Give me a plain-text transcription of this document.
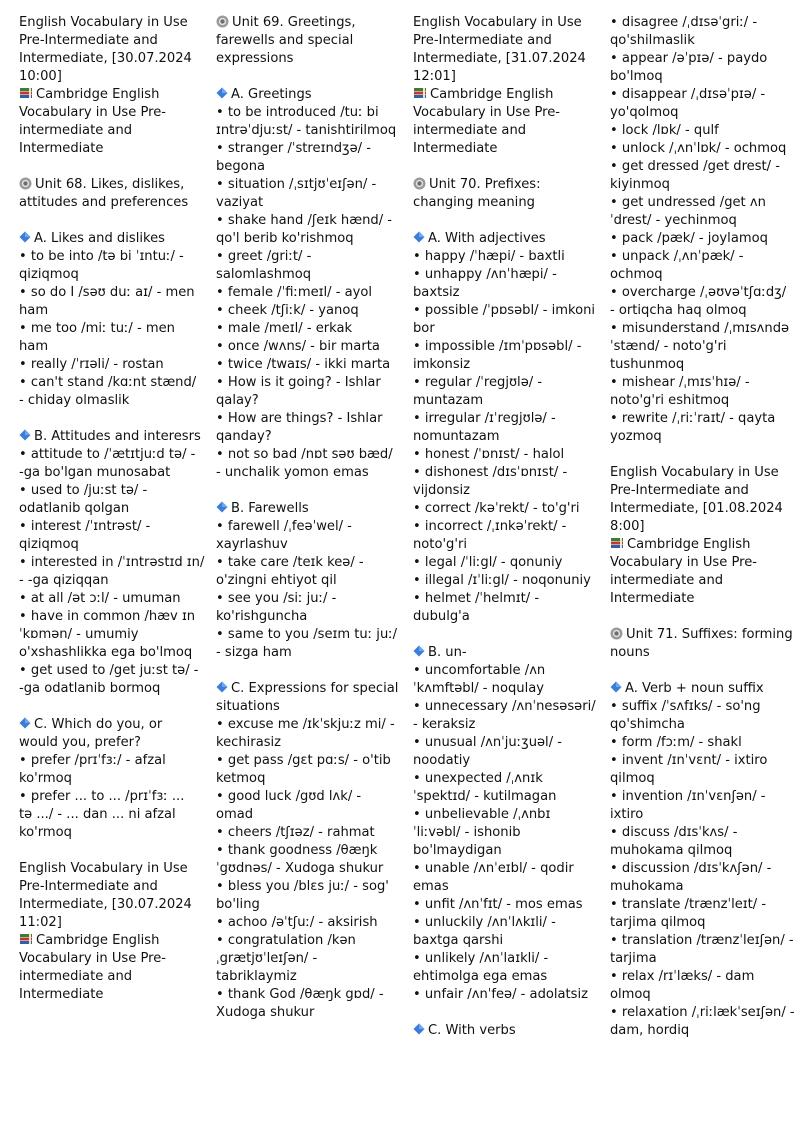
English Vocabulary in Use
Pre-Intermediate and
Intermediate, [30.07.2024
10:00]
Cambridge English
Vocabulary in Use Pre-
intermediate and
Intermediate
Unit 68. Likes, dislikes,
attitudes and preferences
A. Likes and dislikes
• to be into /tə bi ˈɪntuː/ -
qiziqmoq
• so do I /səʊ duː aɪ/ - men
ham
• me too /miː tuː/ - men
ham
• really /ˈrɪəli/ - rostan
• can't stand /kɑːnt stænd/
- chiday olmaslik
B. Attitudes and interesrs
• attitude to /ˈætɪtjuːd tə/ -
-ga bo'lgan munosabat
• used to /juːst tə/ -
odatlanib qolgan
• interest /ˈɪntrəst/ -
qiziqmoq
• interested in /ˈɪntrəstɪd ɪn/
- -ga qiziqqan
• at all /ət ɔːl/ - umuman
• have in common /hæv ɪn
ˈkɒmən/ - umumiy
o'xshashlikka ega bo'lmoq
• get used to /get juːst tə/ -
-ga odatlanib bormoq
C. Which do you, or
would you, prefer?
• prefer /prɪˈfɜː/ - afzal
ko'rmoq
• prefer ... to ... /prɪˈfɜː ...
tə .../ - ... dan ... ni afzal
ko'rmoq
English Vocabulary in Use
Pre-Intermediate and
Intermediate, [30.07.2024
11:02]
Cambridge English
Vocabulary in Use Pre-
intermediate and
Intermediate
Unit 69. Greetings,
farewells and special
expressions
A. Greetings
• to be introduced /tuː bi
ɪntrəˈdjuːst/ - tanishtirilmoq
• stranger /ˈstreɪndʒə/ -
begona
• situation /ˌsɪtjʊˈeɪʃən/ -
vaziyat
• shake hand /ʃeɪk hænd/ -
qo'l berib ko'rishmoq
• greet /griːt/ -
salomlashmoq
• female /ˈfiːmeɪl/ - ayol
• cheek /tʃiːk/ - yanoq
• male /meɪl/ - erkak
• once /wʌns/ - bir marta
• twice /twaɪs/ - ikki marta
• How is it going? - Ishlar
qalay?
• How are things? - Ishlar
qanday?
• not so bad /nɒt səʊ bæd/
- unchalik yomon emas
B. Farewells
• farewell /ˌfeəˈwel/ -
xayrlashuv
• take care /teɪk keə/ -
o'zingni ehtiyot qil
• see you /siː juː/ -
ko'rishguncha
• same to you /seɪm tuː juː/
- sizga ham
C. Expressions for special
situations
• excuse me /ɪkˈskjuːz mi/ -
kechirasiz
• get pass /gɛt pɑːs/ - o'tib
ketmoq
• good luck /gʊd lʌk/ -
omad
• cheers /tʃɪəz/ - rahmat
• thank goodness /θæŋk
ˈgʊdnəs/ - Xudoga shukur
• bless you /blɛs juː/ - sog'
bo'ling
• achoo /əˈtʃuː/ - aksirish
• congratulation /kən
ˌgrætjʊˈleɪʃən/ -
tabriklaymiz
• thank God /θæŋk gɒd/ -
Xudoga shukur
English Vocabulary in Use
Pre-Intermediate and
Intermediate, [31.07.2024
12:01]
Cambridge English
Vocabulary in Use Pre-
intermediate and
Intermediate
Unit 70. Prefixes:
changing meaning
A. With adjectives
• happy /ˈhæpi/ - baxtli
• unhappy /ʌnˈhæpi/ -
baxtsiz
• possible /ˈpɒsəbl/ - imkoni
bor
• impossible /ɪmˈpɒsəbl/ -
imkonsiz
• regular /ˈregjʊlə/ -
muntazam
• irregular /ɪˈregjʊlə/ -
nomuntazam
• honest /ˈɒnɪst/ - halol
• dishonest /dɪsˈɒnɪst/ -
vijdonsiz
• correct /kəˈrekt/ - to'g'ri
• incorrect /ˌɪnkəˈrekt/ -
noto'g'ri
• legal /ˈliːgl/ - qonuniy
• illegal /ɪˈliːgl/ - noqonuniy
• helmet /ˈhelmɪt/ -
dubulg'a
B. un-
• uncomfortable /ʌn
ˈkʌmftəbl/ - noqulay
• unnecessary /ʌnˈnesəsəri/
- keraksiz
• unusual /ʌnˈjuːʒuəl/ -
noodatiy
• unexpected /ˌʌnɪk
ˈspektɪd/ - kutilmagan
• unbelievable /ˌʌnbɪ
ˈliːvəbl/ - ishonib
bo'lmaydigan
• unable /ʌnˈeɪbl/ - qodir
emas
• unfit /ʌnˈfɪt/ - mos emas
• unluckily /ʌnˈlʌkɪli/ -
baxtga qarshi
• unlikely /ʌnˈlaɪkli/ -
ehtimolga ega emas
• unfair /ʌnˈfeə/ - adolatsiz
C. With verbs
• disagree /ˌdɪsəˈgriː/ -
qo'shilmaslik
• appear /əˈpɪə/ - paydo
bo'lmoq
• disappear /ˌdɪsəˈpɪə/ -
yo'qolmoq
• lock /lɒk/ - qulf
• unlock /ˌʌnˈlɒk/ - ochmoq
• get dressed /get drest/ -
kiyinmoq
• get undressed /get ʌn
ˈdrest/ - yechinmoq
• pack /pæk/ - joylamoq
• unpack /ˌʌnˈpæk/ -
ochmoq
• overcharge /ˌəʊvəˈtʃɑːdʒ/
- ortiqcha haq olmoq
• misunderstand /ˌmɪsʌndə
ˈstænd/ - noto'g'ri
tushunmoq
• mishear /ˌmɪsˈhɪə/ -
noto'g'ri eshitmoq
• rewrite /ˌriːˈraɪt/ - qayta
yozmoq
English Vocabulary in Use
Pre-Intermediate and
Intermediate, [01.08.2024
8:00]
Cambridge English
Vocabulary in Use Pre-
intermediate and
Intermediate
Unit 71. Suffixes: forming
nouns
A. Verb + noun suffix
• suffix /ˈsʌfɪks/ - so'ng
qo'shimcha
• form /fɔːm/ - shakl
• invent /ɪnˈvɛnt/ - ixtiro
qilmoq
• invention /ɪnˈvɛnʃən/ -
ixtiro
• discuss /dɪsˈkʌs/ -
muhokama qilmoq
• discussion /dɪsˈkʌʃən/ -
muhokama
• translate /trænzˈleɪt/ -
tarjima qilmoq
• translation /trænzˈleɪʃən/ -
tarjima
• relax /rɪˈlæks/ - dam
olmoq
• relaxation /ˌriːlækˈseɪʃən/ -
dam, hordiq
